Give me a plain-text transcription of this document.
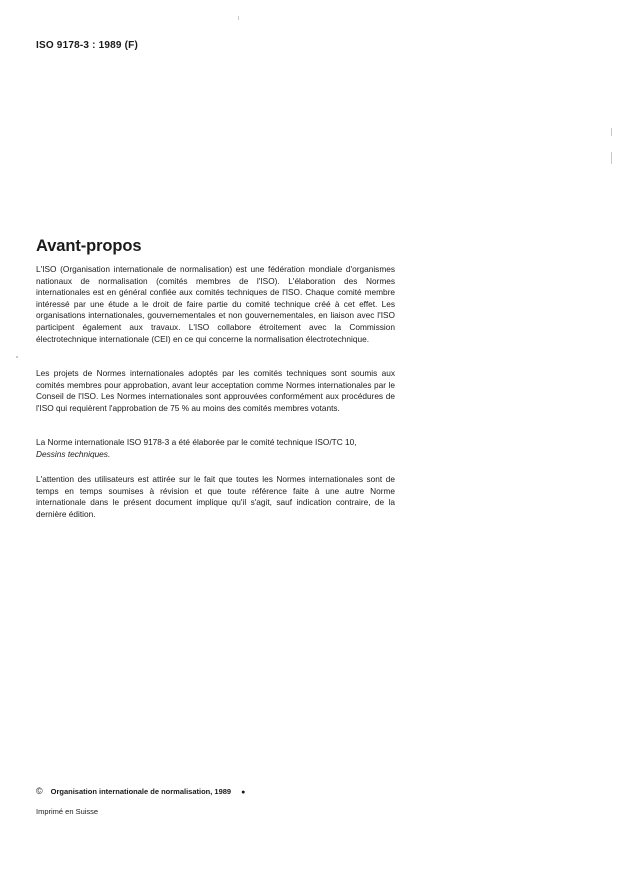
ISO 9178-3 : 1989 (F)

Avant-propos

L'ISO (Organisation internationale de normalisation) est une fédération mondiale d'organismes nationaux de normalisation (comités membres de l'ISO). L'élaboration des Normes internationales est en général confiée aux comités techniques de l'ISO. Chaque comité membre intéressé par une étude a le droit de faire partie du comité technique créé à cet effet. Les organisations internationales, gouvernementales et non gouvernementales, en liaison avec l'ISO participent également aux travaux. L'ISO collabore étroitement avec la Commission électrotechnique internationale (CEI) en ce qui concerne la normalisation électrotechnique.

Les projets de Normes internationales adoptés par les comités techniques sont soumis aux comités membres pour approbation, avant leur acceptation comme Normes internationales par le Conseil de l'ISO. Les Normes internationales sont approuvées conformément aux procédures de l'ISO qui requièrent l'approbation de 75 % au moins des comités membres votants.

La Norme internationale ISO 9178-3 a été élaborée par le comité technique ISO/TC 10,
Dessins techniques.

L'attention des utilisateurs est attirée sur le fait que toutes les Normes internationales sont de temps en temps soumises à révision et que toute référence faite à une autre Norme internationale dans le présent document implique qu'il s'agit, sauf indication contraire, de la dernière édition.

© Organisation internationale de normalisation, 1989 ●

Imprimé en Suisse
